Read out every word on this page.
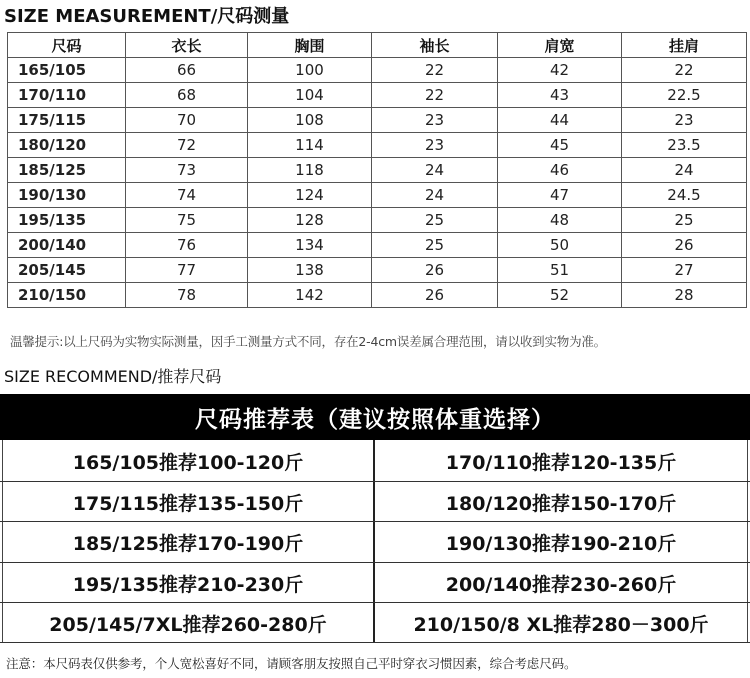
SIZE MEASUREMENT/尺码测量
尺码	衣长	胸围	袖长	肩宽	挂肩
165/105	66	100	22	42	22
170/110	68	104	22	43	22.5
175/115	70	108	23	44	23
180/120	72	114	23	45	23.5
185/125	73	118	24	46	24
190/130	74	124	24	47	24.5
195/135	75	128	25	48	25
200/140	76	134	25	50	26
205/145	77	138	26	51	27
210/150	78	142	26	52	28
温馨提示:以上尺码为实物实际测量，因手工测量方式不同，存在2-4cm误差属合理范围，请以收到实物为准。
SIZE RECOMMEND/推荐尺码
尺码推荐表（建议按照体重选择）
165/105推荐100-120斤	170/110推荐120-135斤
175/115推荐135-150斤	180/120推荐150-170斤
185/125推荐170-190斤	190/130推荐190-210斤
195/135推荐210-230斤	200/140推荐230-260斤
205/145/7XL推荐260-280斤	210/150/8 XL推荐280－300斤
注意：本尺码表仅供参考，个人宽松喜好不同，请顾客朋友按照自己平时穿衣习惯因素，综合考虑尺码。
